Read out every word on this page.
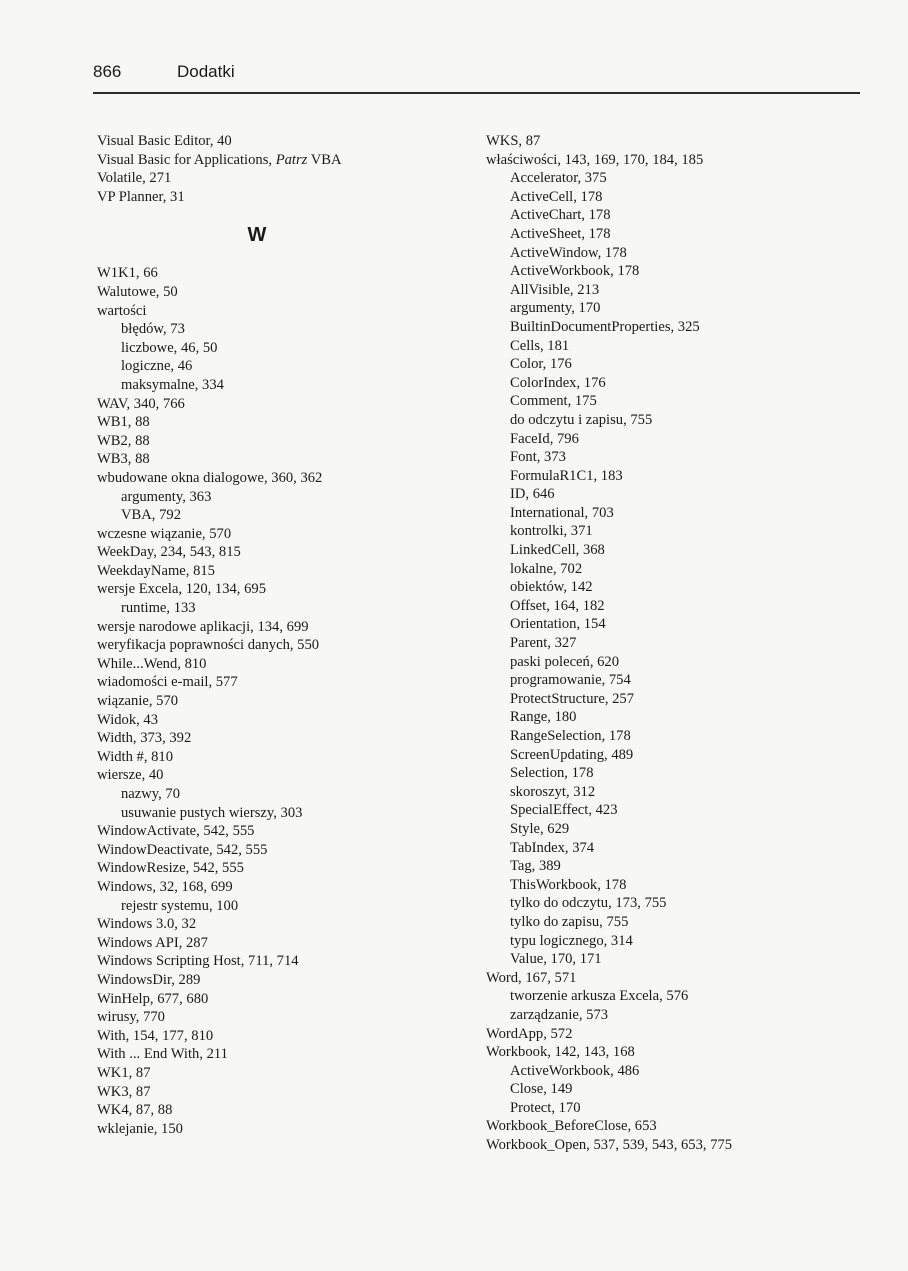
866	Dodatki
Visual Basic Editor, 40
Visual Basic for Applications, Patrz VBA
Volatile, 271
VP Planner, 31
W
W1K1, 66
Walutowe, 50
wartości
błędów, 73
liczbowe, 46, 50
logiczne, 46
maksymalne, 334
WAV, 340, 766
WB1, 88
WB2, 88
WB3, 88
wbudowane okna dialogowe, 360, 362
argumenty, 363
VBA, 792
wczesne wiązanie, 570
WeekDay, 234, 543, 815
WeekdayName, 815
wersje Excela, 120, 134, 695
runtime, 133
wersje narodowe aplikacji, 134, 699
weryfikacja poprawności danych, 550
While...Wend, 810
wiadomości e-mail, 577
wiązanie, 570
Widok, 43
Width, 373, 392
Width #, 810
wiersze, 40
nazwy, 70
usuwanie pustych wierszy, 303
WindowActivate, 542, 555
WindowDeactivate, 542, 555
WindowResize, 542, 555
Windows, 32, 168, 699
rejestr systemu, 100
Windows 3.0, 32
Windows API, 287
Windows Scripting Host, 711, 714
WindowsDir, 289
WinHelp, 677, 680
wirusy, 770
With, 154, 177, 810
With ... End With, 211
WK1, 87
WK3, 87
WK4, 87, 88
wklejanie, 150
WKS, 87
właściwości, 143, 169, 170, 184, 185
Accelerator, 375
ActiveCell, 178
ActiveChart, 178
ActiveSheet, 178
ActiveWindow, 178
ActiveWorkbook, 178
AllVisible, 213
argumenty, 170
BuiltinDocumentProperties, 325
Cells, 181
Color, 176
ColorIndex, 176
Comment, 175
do odczytu i zapisu, 755
FaceId, 796
Font, 373
FormulaR1C1, 183
ID, 646
International, 703
kontrolki, 371
LinkedCell, 368
lokalne, 702
obiektów, 142
Offset, 164, 182
Orientation, 154
Parent, 327
paski poleceń, 620
programowanie, 754
ProtectStructure, 257
Range, 180
RangeSelection, 178
ScreenUpdating, 489
Selection, 178
skoroszyt, 312
SpecialEffect, 423
Style, 629
TabIndex, 374
Tag, 389
ThisWorkbook, 178
tylko do odczytu, 173, 755
tylko do zapisu, 755
typu logicznego, 314
Value, 170, 171
Word, 167, 571
tworzenie arkusza Excela, 576
zarządzanie, 573
WordApp, 572
Workbook, 142, 143, 168
ActiveWorkbook, 486
Close, 149
Protect, 170
Workbook_BeforeClose, 653
Workbook_Open, 537, 539, 543, 653, 775
